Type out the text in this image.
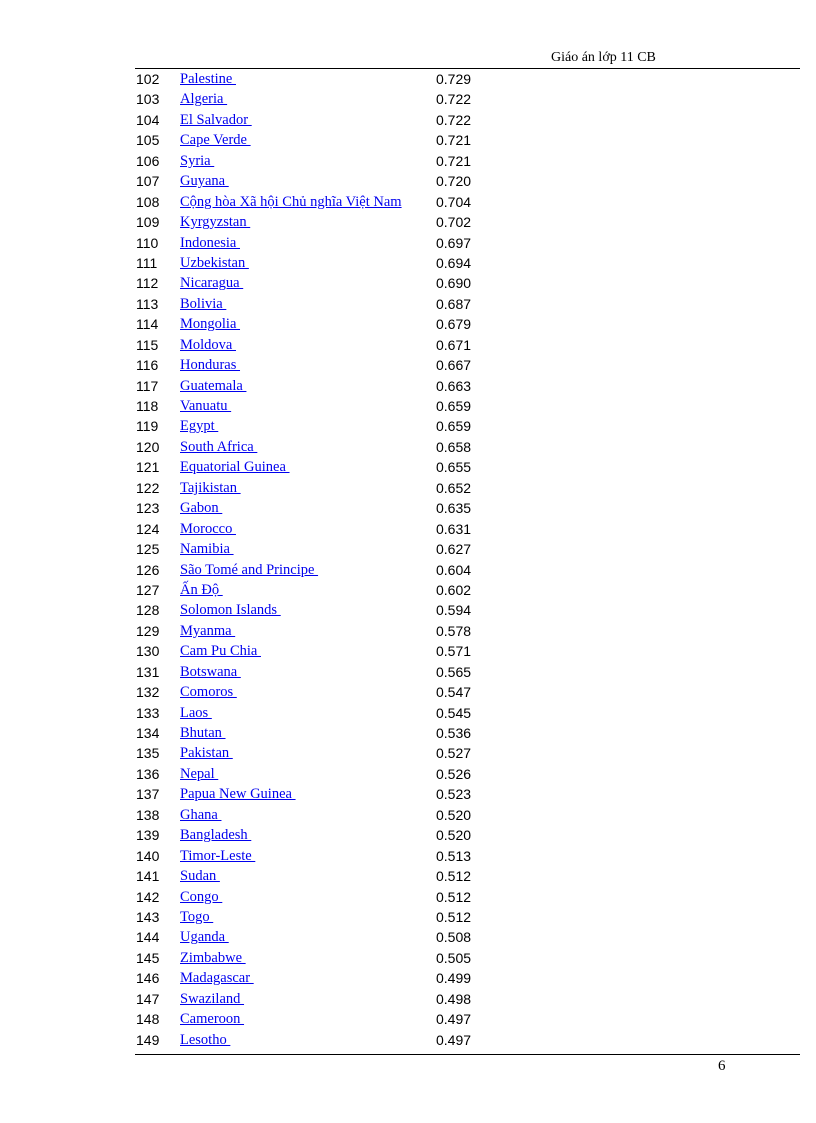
Giáo án lớp 11 CB
102 Palestine	0.729
103 Algeria	0.722
104 El Salvador	0.722
105 Cape Verde	0.721
106 Syria	0.721
107 Guyana	0.720
108 Cộng hòa Xã hội Chủ nghĩa Việt Nam 0.704
109 Kyrgyzstan	0.702
110 Indonesia	0.697
111 Uzbekistan	0.694
112 Nicaragua	0.690
113 Bolivia	0.687
114 Mongolia	0.679
115 Moldova	0.671
116 Honduras	0.667
117 Guatemala	0.663
118 Vanuatu	0.659
119 Egypt	0.659
120 South Africa	0.658
121 Equatorial Guinea	0.655
122 Tajikistan	0.652
123 Gabon	0.635
124 Morocco	0.631
125 Namibia	0.627
126 São Tomé and Principe	0.604
127 Ấn Độ	0.602
128 Solomon Islands	0.594
129 Myanma	0.578
130 Cam Pu Chia	0.571
131 Botswana	0.565
132 Comoros	0.547
133 Laos	0.545
134 Bhutan	0.536
135 Pakistan	0.527
136 Nepal	0.526
137 Papua New Guinea	0.523
138 Ghana	0.520
139 Bangladesh	0.520
140 Timor-Leste	0.513
141 Sudan	0.512
142 Congo	0.512
143 Togo	0.512
144 Uganda	0.508
145 Zimbabwe	0.505
146 Madagascar	0.499
147 Swaziland	0.498
148 Cameroon	0.497
149 Lesotho	0.497
6
